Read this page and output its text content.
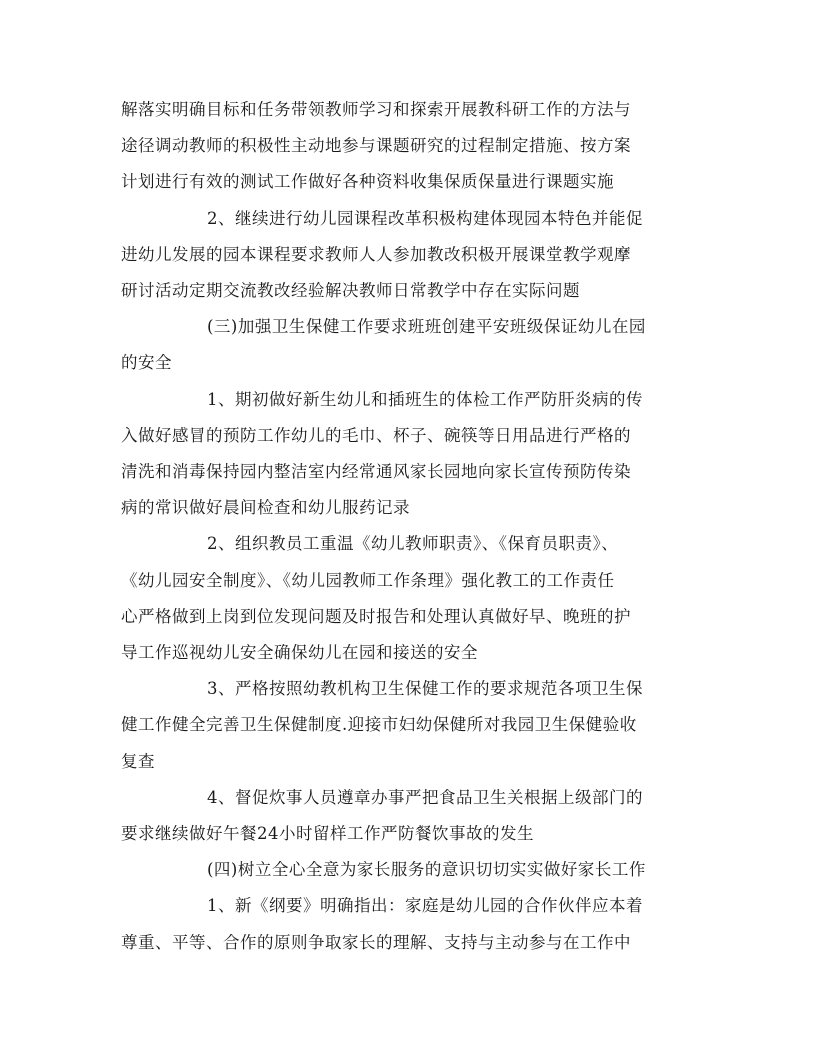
解落实明确目标和任务带领教师学习和探索开展教科研工作的方法与

途径调动教师的积极性主动地参与课题研究的过程制定措施、按方案

计划进行有效的测试工作做好各种资料收集保质保量进行课题实施

2、继续进行幼儿园课程改革积极构建体现园本特色并能促

进幼儿发展的园本课程要求教师人人参加教改积极开展课堂教学观摩

研讨活动定期交流教改经验解决教师日常教学中存在实际问题

(三)加强卫生保健工作要求班班创建平安班级保证幼儿在园

的安全

1、期初做好新生幼儿和插班生的体检工作严防肝炎病的传

入做好感冒的预防工作幼儿的毛巾、杯子、碗筷等日用品进行严格的

清洗和消毒保持园内整洁室内经常通风家长园地向家长宣传预防传染

病的常识做好晨间检查和幼儿服药记录

2、组织教员工重温《幼儿教师职责》、《保育员职责》、

《幼儿园安全制度》、《幼儿园教师工作条理》强化教工的工作责任

心严格做到上岗到位发现问题及时报告和处理认真做好早、晚班的护

导工作巡视幼儿安全确保幼儿在园和接送的安全

3、严格按照幼教机构卫生保健工作的要求规范各项卫生保

健工作健全完善卫生保健制度.迎接市妇幼保健所对我园卫生保健验收

复查

4、督促炊事人员遵章办事严把食品卫生关根据上级部门的

要求继续做好午餐24小时留样工作严防餐饮事故的发生

(四)树立全心全意为家长服务的意识切切实实做好家长工作

1、新《纲要》明确指出：家庭是幼儿园的合作伙伴应本着

尊重、平等、合作的原则争取家长的理解、支持与主动参与在工作中
